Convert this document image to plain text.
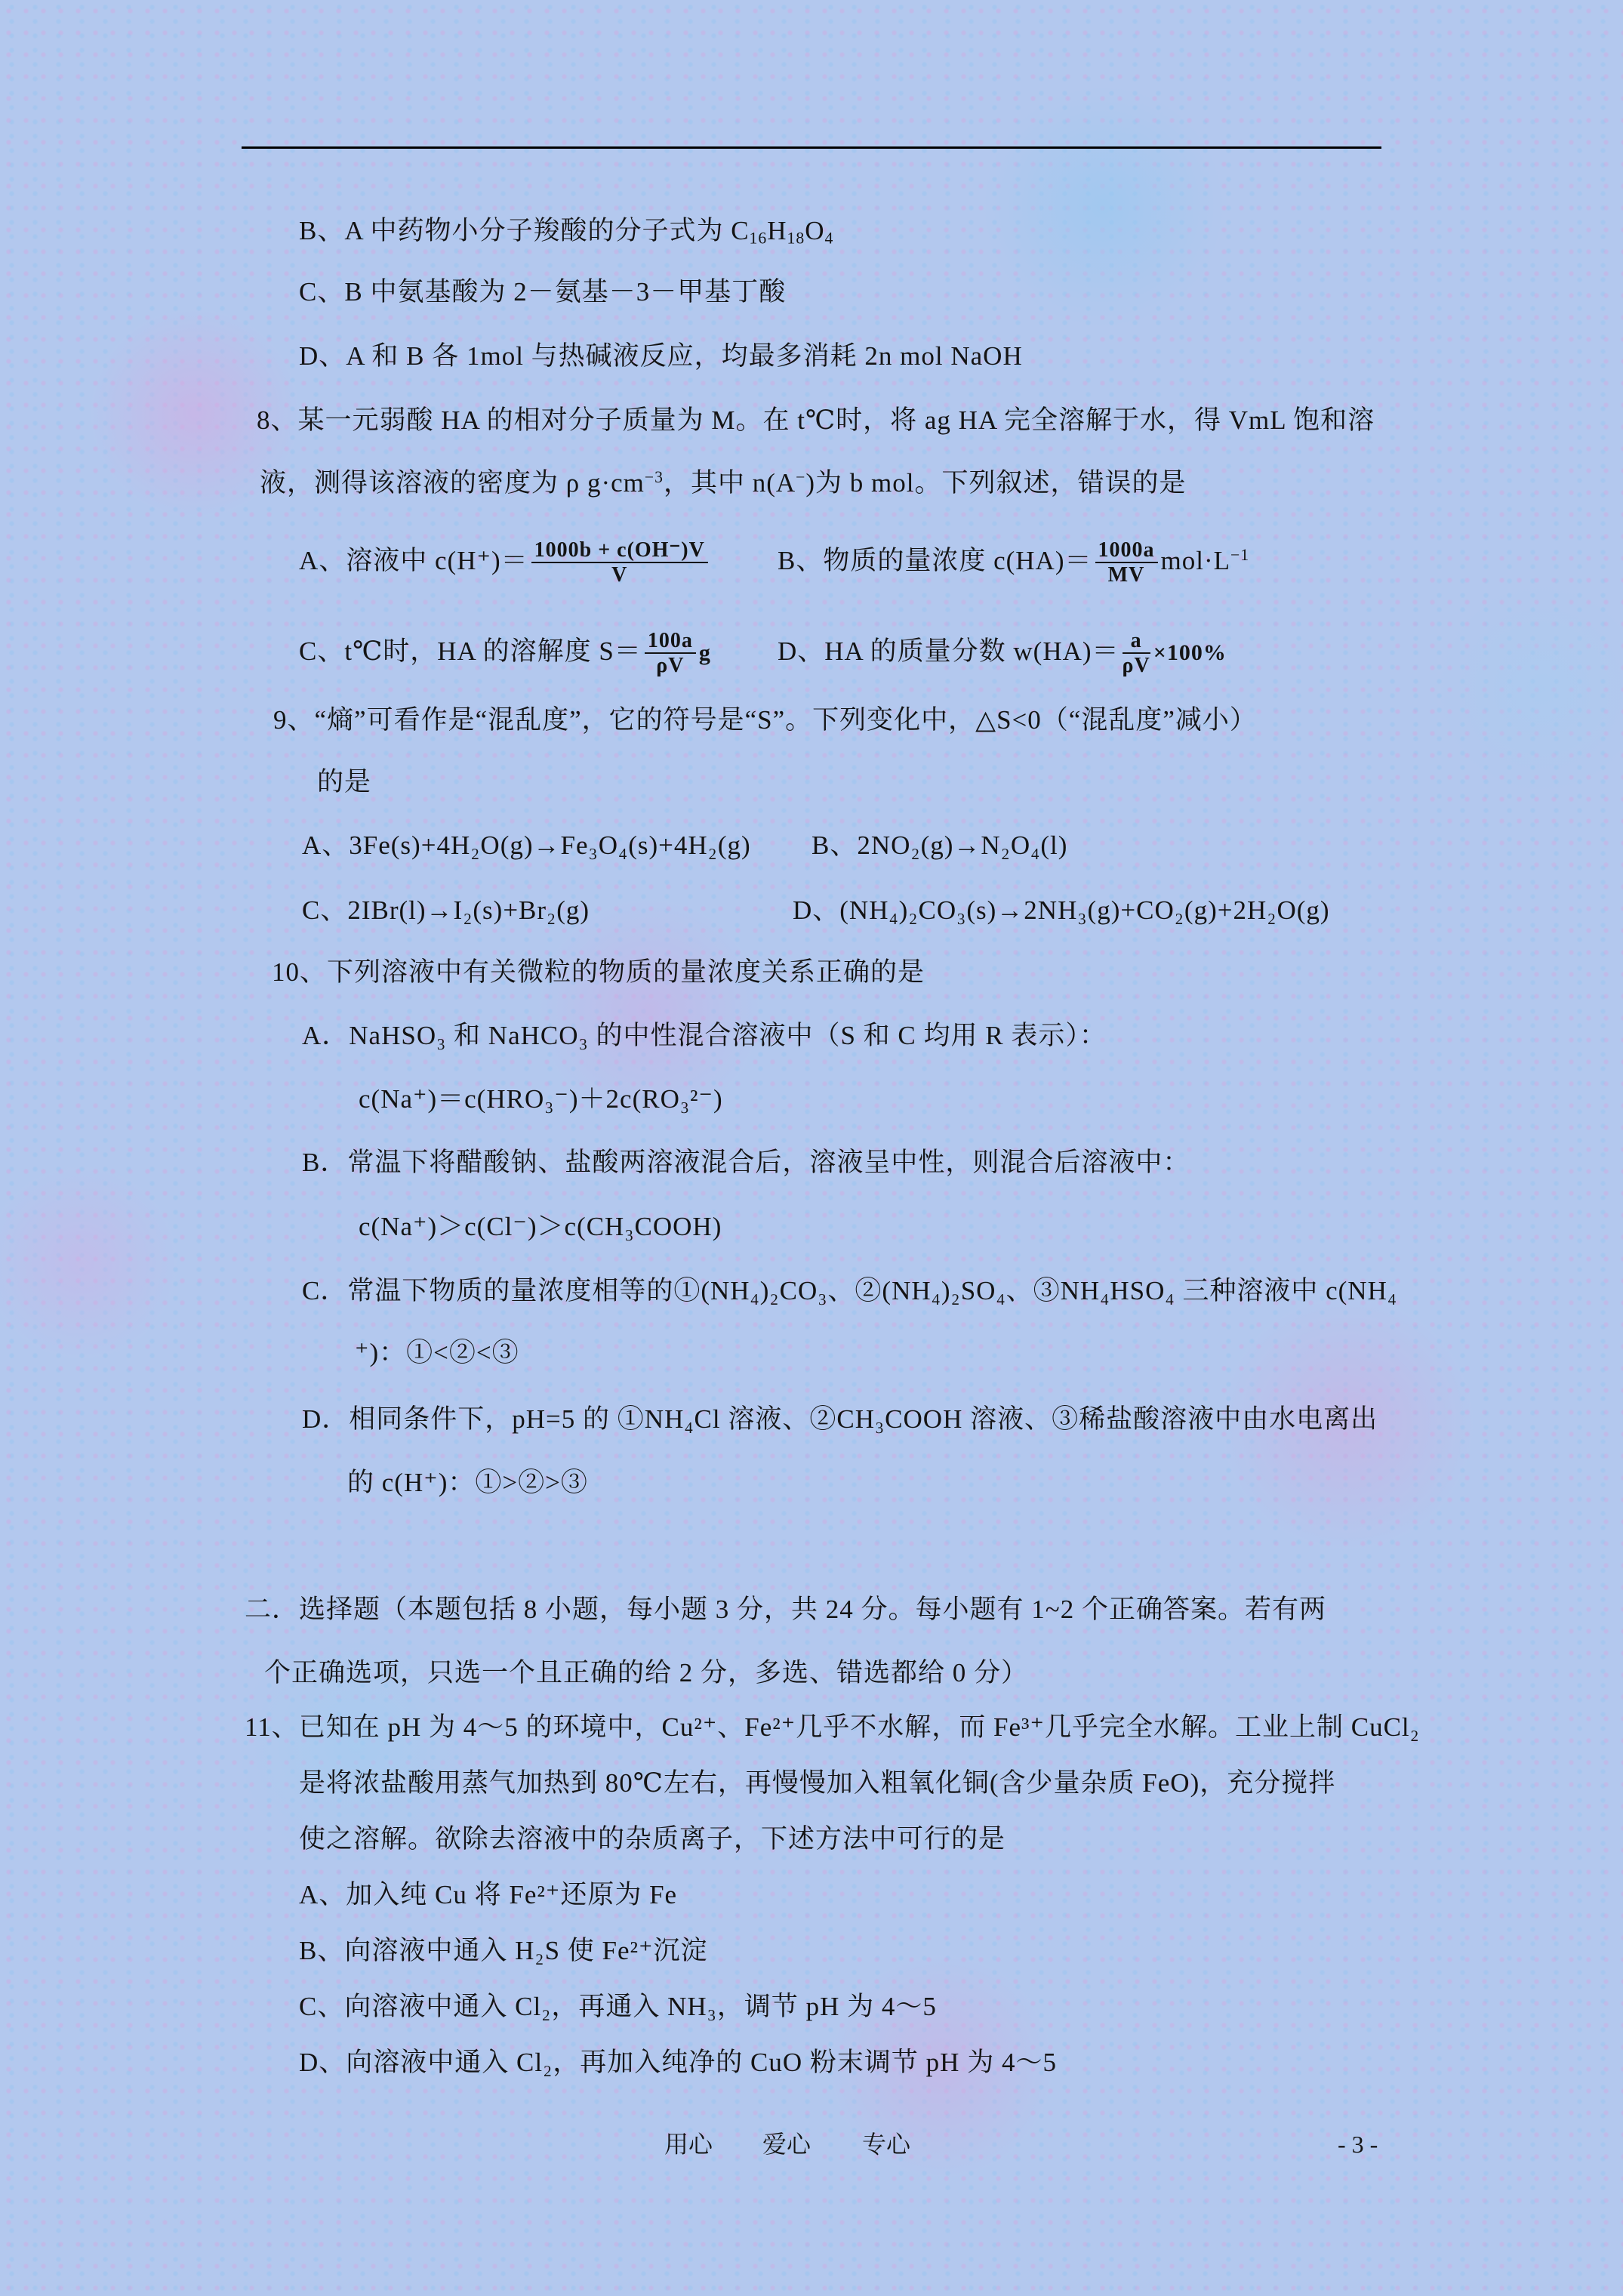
B、A 中药物小分子羧酸的分子式为 $C_{16}H_{18}O_4$
C、B 中氨基酸为 2－氨基－3－甲基丁酸
D、A 和 B 各 1mol 与热碱液反应，均最多消耗 2n mol NaOH
8、某一元弱酸 HA 的相对分子质量为 M。在 t℃时，将 ag HA 完全溶解于水，得 VmL 饱和溶
液，测得该溶液的密度为 ρ $g\cdot cm^{-3}$，其中 n(A−)为 b mol。下列叙述，错误的是
A、溶液中 $c(H^+)= \frac{1000b + c(OH^-)V}{V}$	B、物质的量浓度 $c(HA)= \frac{1000a}{MV} mol\cdot L^{-1}$
C、t℃时，HA 的溶解度 $S= \frac{100a}{\rho V}$ g	D、HA 的质量分数 $w(HA)= \frac{a}{\rho V} \times 100\%$
9、“熵”可看作是“混乱度”，它的符号是“S”。下列变化中，△S<0（“混乱度”减小）
的是
A、3Fe(s)+4H₂O(g)→Fe₃O₄(s)+4H₂(g) B、2NO₂(g)→N₂O₄(l)
C、2IBr(l)→I₂(s)+Br₂(g)	D、(NH₄)₂CO₃(s)→2NH₃(g)+CO₂(g)+2H₂O(g)
10、下列溶液中有关微粒的物质的量浓度关系正确的是
A．NaHSO₃ 和 NaHCO₃ 的中性混合溶液中（S 和 C 均用 R 表示）：
c(Na⁺)＝c(HRO₃⁻)＋2c(RO₃²⁻)
B．常温下将醋酸钠、盐酸两溶液混合后，溶液呈中性，则混合后溶液中：
c(Na⁺)＞c(Cl⁻)＞c(CH₃COOH)
C．常温下物质的量浓度相等的①(NH₄)₂CO₃、②(NH₄)₂SO₄、③NH₄HSO₄ 三种溶液中 c(NH₄
⁺)：①<②<③
D．相同条件下，pH=5 的 ①NH₄Cl 溶液、②CH₃COOH 溶液、③稀盐酸溶液中由水电离出
的 c(H⁺)：①>②>③
二．选择题（本题包括 8 小题，每小题 3 分，共 24 分。每小题有 1~2 个正确答案。若有两
个正确选项，只选一个且正确的给 2 分，多选、错选都给 0 分）
11、已知在 pH 为 4～5 的环境中，Cu²⁺、Fe²⁺几乎不水解，而 Fe³⁺几乎完全水解。工业上制 CuCl₂
是将浓盐酸用蒸气加热到 80℃左右，再慢慢加入粗氧化铜(含少量杂质 FeO)，充分搅拌
使之溶解。欲除去溶液中的杂质离子，下述方法中可行的是
A、加入纯 Cu 将 Fe²⁺还原为 Fe
B、向溶液中通入 H₂S 使 Fe²⁺沉淀
C、向溶液中通入 Cl₂，再通入 NH₃，调节 pH 为 4～5
D、向溶液中通入 Cl₂，再加入纯净的 CuO 粉末调节 pH 为 4～5
用心 爱心 专心	- 3 -
